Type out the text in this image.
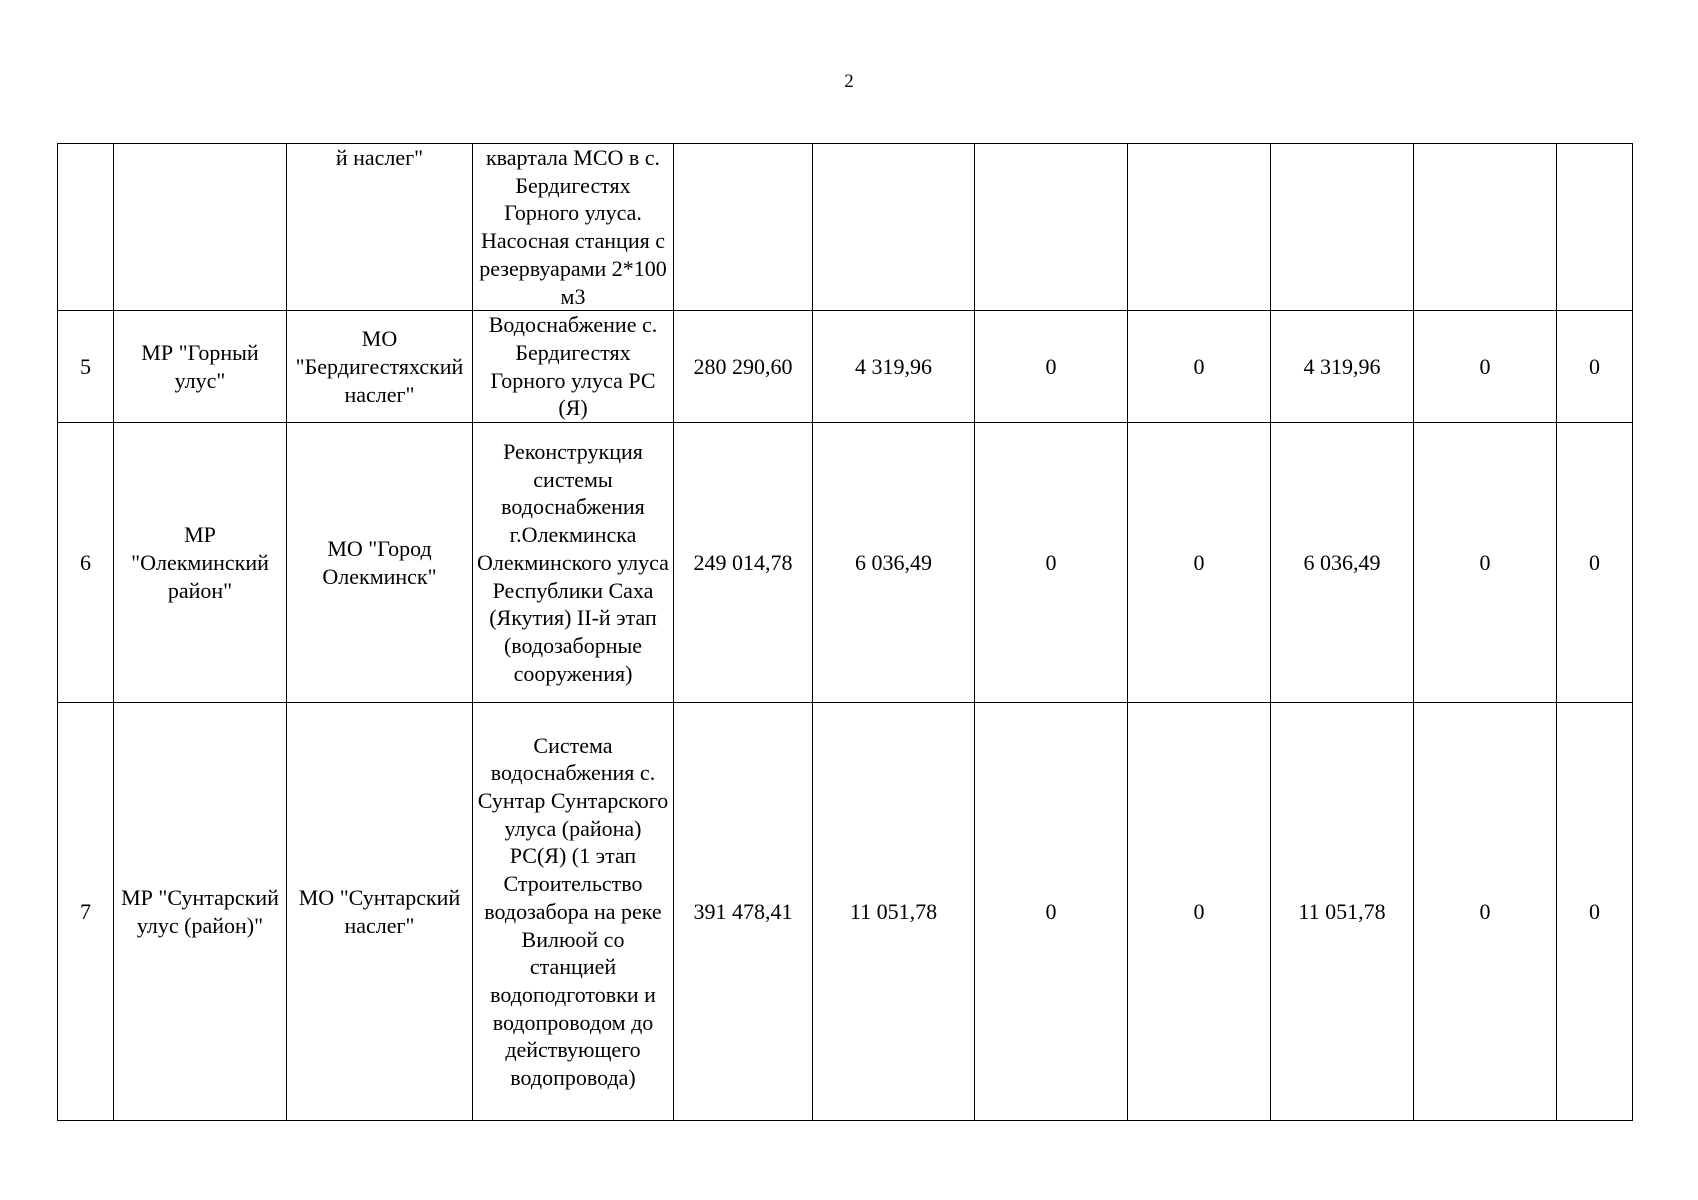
2
		й наслег"	квартала МСО в с. Бердигестях Горного улуса. Насосная станция с резервуарами 2*100 м3							
5	МР "Горный улус"	МО "Бердигестяхский наслег"	Водоснабжение с. Бердигестях Горного улуса РС (Я)	280 290,60	4 319,96	0	0	4 319,96	0	0
6	МР "Олекминский район"	МО "Город Олекминск"	Реконструкция системы водоснабжения г.Олекминска Олекминского улуса Республики Саха (Якутия) II-й этап (водозаборные сооружения)	249 014,78	6 036,49	0	0	6 036,49	0	0
7	МР "Сунтарский улус (район)"	МО "Сунтарский наслег"	Система водоснабжения с. Сунтар Сунтарского улуса (района) РС(Я) (1 этап Строительство водозабора на реке Вилюой со станцией водоподготовки и водопроводом до действующего водопровода)	391 478,41	11 051,78	0	0	11 051,78	0	0
